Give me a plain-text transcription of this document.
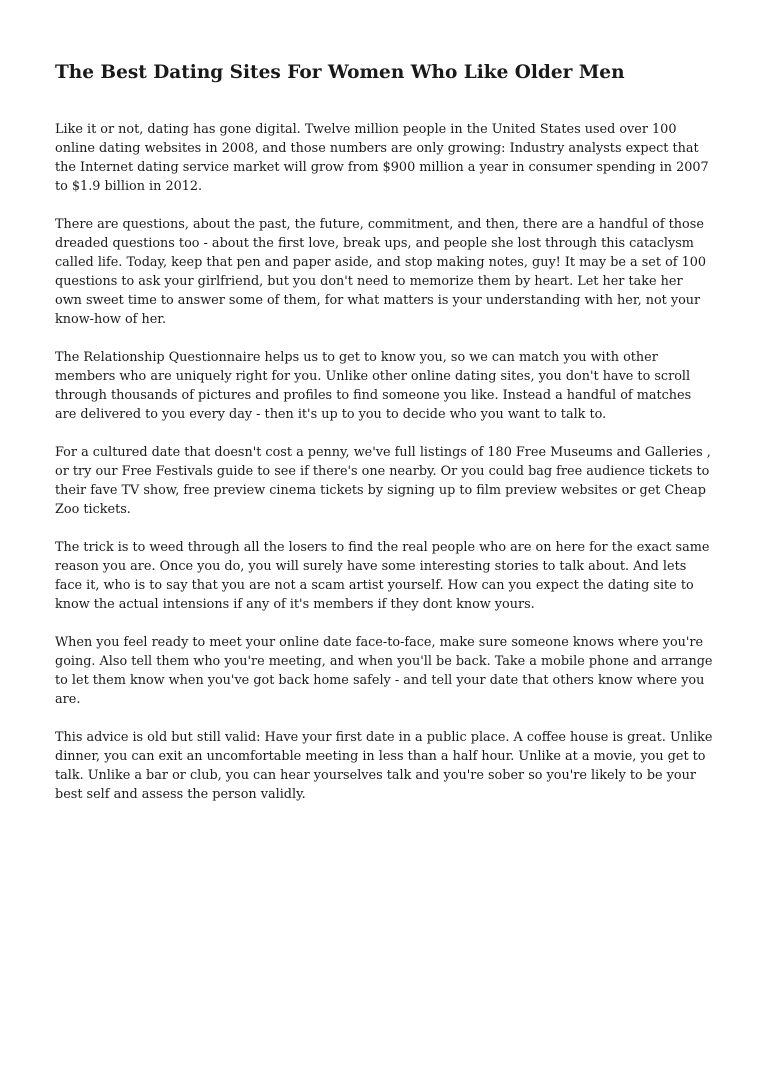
The Best Dating Sites For Women Who Like Older Men

Like it or not, dating has gone digital. Twelve million people in the United States used over 100 online dating websites in 2008, and those numbers are only growing: Industry analysts expect that the Internet dating service market will grow from $900 million a year in consumer spending in 2007 to $1.9 billion in 2012.

There are questions, about the past, the future, commitment, and then, there are a handful of those dreaded questions too - about the first love, break ups, and people she lost through this cataclysm called life. Today, keep that pen and paper aside, and stop making notes, guy! It may be a set of 100 questions to ask your girlfriend, but you don't need to memorize them by heart. Let her take her own sweet time to answer some of them, for what matters is your understanding with her, not your know-how of her.

The Relationship Questionnaire helps us to get to know you, so we can match you with other members who are uniquely right for you. Unlike other online dating sites, you don't have to scroll through thousands of pictures and profiles to find someone you like. Instead a handful of matches are delivered to you every day - then it's up to you to decide who you want to talk to.

For a cultured date that doesn't cost a penny, we've full listings of 180 Free Museums and Galleries , or try our Free Festivals guide to see if there's one nearby. Or you could bag free audience tickets to their fave TV show, free preview cinema tickets by signing up to film preview websites or get Cheap Zoo tickets.

The trick is to weed through all the losers to find the real people who are on here for the exact same reason you are. Once you do, you will surely have some interesting stories to talk about. And lets face it, who is to say that you are not a scam artist yourself. How can you expect the dating site to know the actual intensions if any of it's members if they dont know yours.

When you feel ready to meet your online date face-to-face, make sure someone knows where you're going. Also tell them who you're meeting, and when you'll be back. Take a mobile phone and arrange to let them know when you've got back home safely - and tell your date that others know where you are.

This advice is old but still valid: Have your first date in a public place. A coffee house is great. Unlike dinner, you can exit an uncomfortable meeting in less than a half hour. Unlike at a movie, you get to talk. Unlike a bar or club, you can hear yourselves talk and you're sober so you're likely to be your best self and assess the person validly.
